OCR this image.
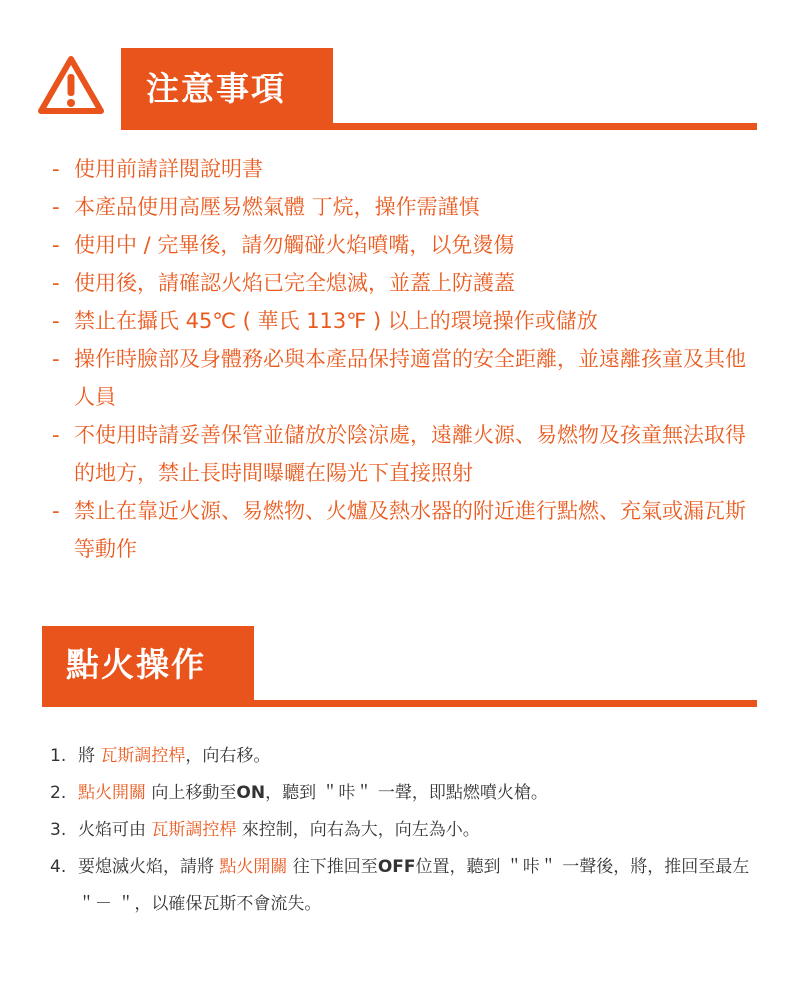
注意事項
- 使用前請詳閱說明書
- 本產品使用高壓易燃氣體 丁烷，操作需謹慎
- 使用中 / 完畢後，請勿觸碰火焰噴嘴，以免燙傷
- 使用後，請確認火焰已完全熄滅，並蓋上防護蓋
- 禁止在攝氏 45℃ ( 華氏 113℉ ) 以上的環境操作或儲放
- 操作時臉部及身體務必與本產品保持適當的安全距離，並遠離孩童及其他人員
- 不使用時請妥善保管並儲放於陰涼處，遠離火源、易燃物及孩童無法取得的地方，禁止長時間曝曬在陽光下直接照射
- 禁止在靠近火源、易燃物、火爐及熱水器的附近進行點燃、充氣或漏瓦斯等動作
點火操作
1. 將 瓦斯調控桿，向右移。
2. 點火開關 向上移動至ON，聽到 ＂咔＂ 一聲，即點燃噴火槍。
3. 火焰可由 瓦斯調控桿 來控制，向右為大，向左為小。
4. 要熄滅火焰，請將 點火開關 往下推回至OFF位置，聽到 ＂咔＂ 一聲後，將，推回至最左 ＂－ ＂，以確保瓦斯不會流失。
